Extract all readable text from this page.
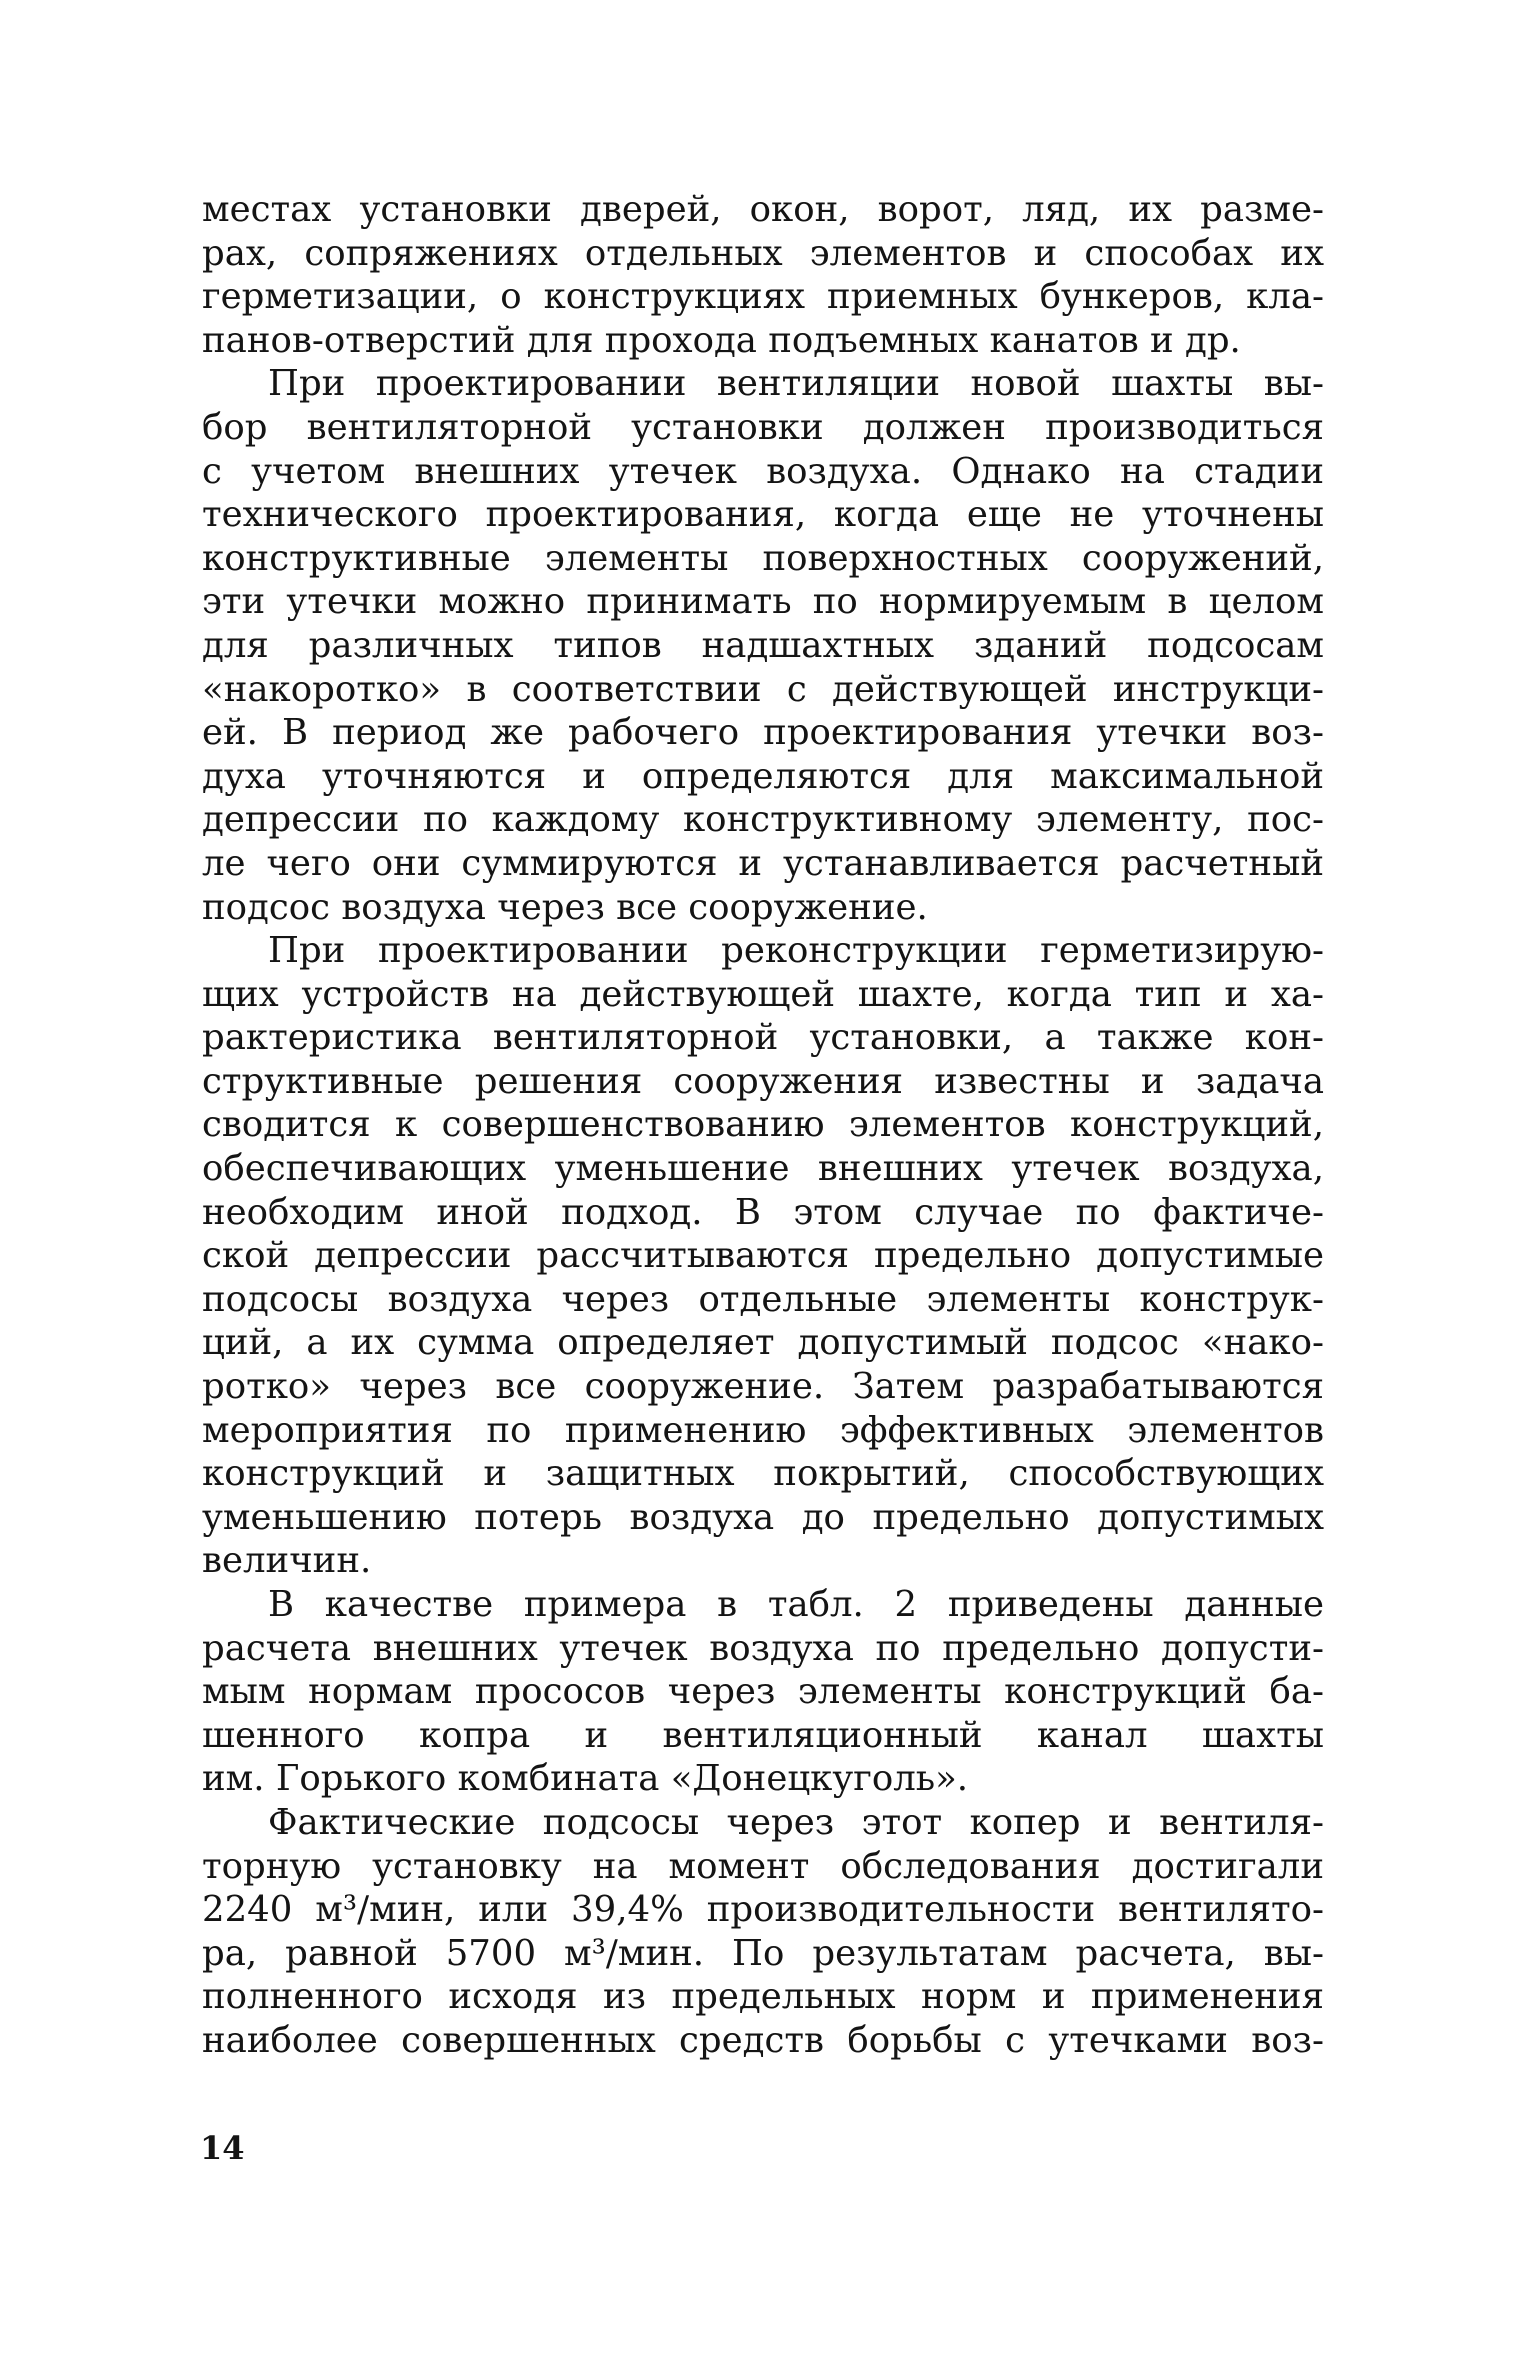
местах установки дверей, окон, ворот, ляд, их разме-
рах, сопряжениях отдельных элементов и способах их
герметизации, о конструкциях приемных бункеров, кла-
панов-отверстий для прохода подъемных канатов и др.
При проектировании вентиляции новой шахты вы-
бор вентиляторной установки должен производиться
с учетом внешних утечек воздуха. Однако на стадии
технического проектирования, когда еще не уточнены
конструктивные элементы поверхностных сооружений,
эти утечки можно принимать по нормируемым в целом
для различных типов надшахтных зданий подсосам
«накоротко» в соответствии с действующей инструкци-
ей. В период же рабочего проектирования утечки воз-
духа уточняются и определяются для максимальной
депрессии по каждому конструктивному элементу, пос-
ле чего они суммируются и устанавливается расчетный
подсос воздуха через все сооружение.
При проектировании реконструкции герметизирую-
щих устройств на действующей шахте, когда тип и ха-
рактеристика вентиляторной установки, а также кон-
структивные решения сооружения известны и задача
сводится к совершенствованию элементов конструкций,
обеспечивающих уменьшение внешних утечек воздуха,
необходим иной подход. В этом случае по фактиче-
ской депрессии рассчитываются предельно допустимые
подсосы воздуха через отдельные элементы конструк-
ций, а их сумма определяет допустимый подсос «нако-
ротко» через все сооружение. Затем разрабатываются
мероприятия по применению эффективных элементов
конструкций и защитных покрытий, способствующих
уменьшению потерь воздуха до предельно допустимых
величин.
В качестве примера в табл. 2 приведены данные
расчета внешних утечек воздуха по предельно допусти-
мым нормам прососов через элементы конструкций ба-
шенного копра и вентиляционный канал шахты
им. Горького комбината «Донецкуголь».
Фактические подсосы через этот копер и вентиля-
торную установку на момент обследования достигали
2240 м³/мин, или 39,4% производительности вентилято-
ра, равной 5700 м³/мин. По результатам расчета, вы-
полненного исходя из предельных норм и применения
наиболее совершенных средств борьбы с утечками воз-
14
